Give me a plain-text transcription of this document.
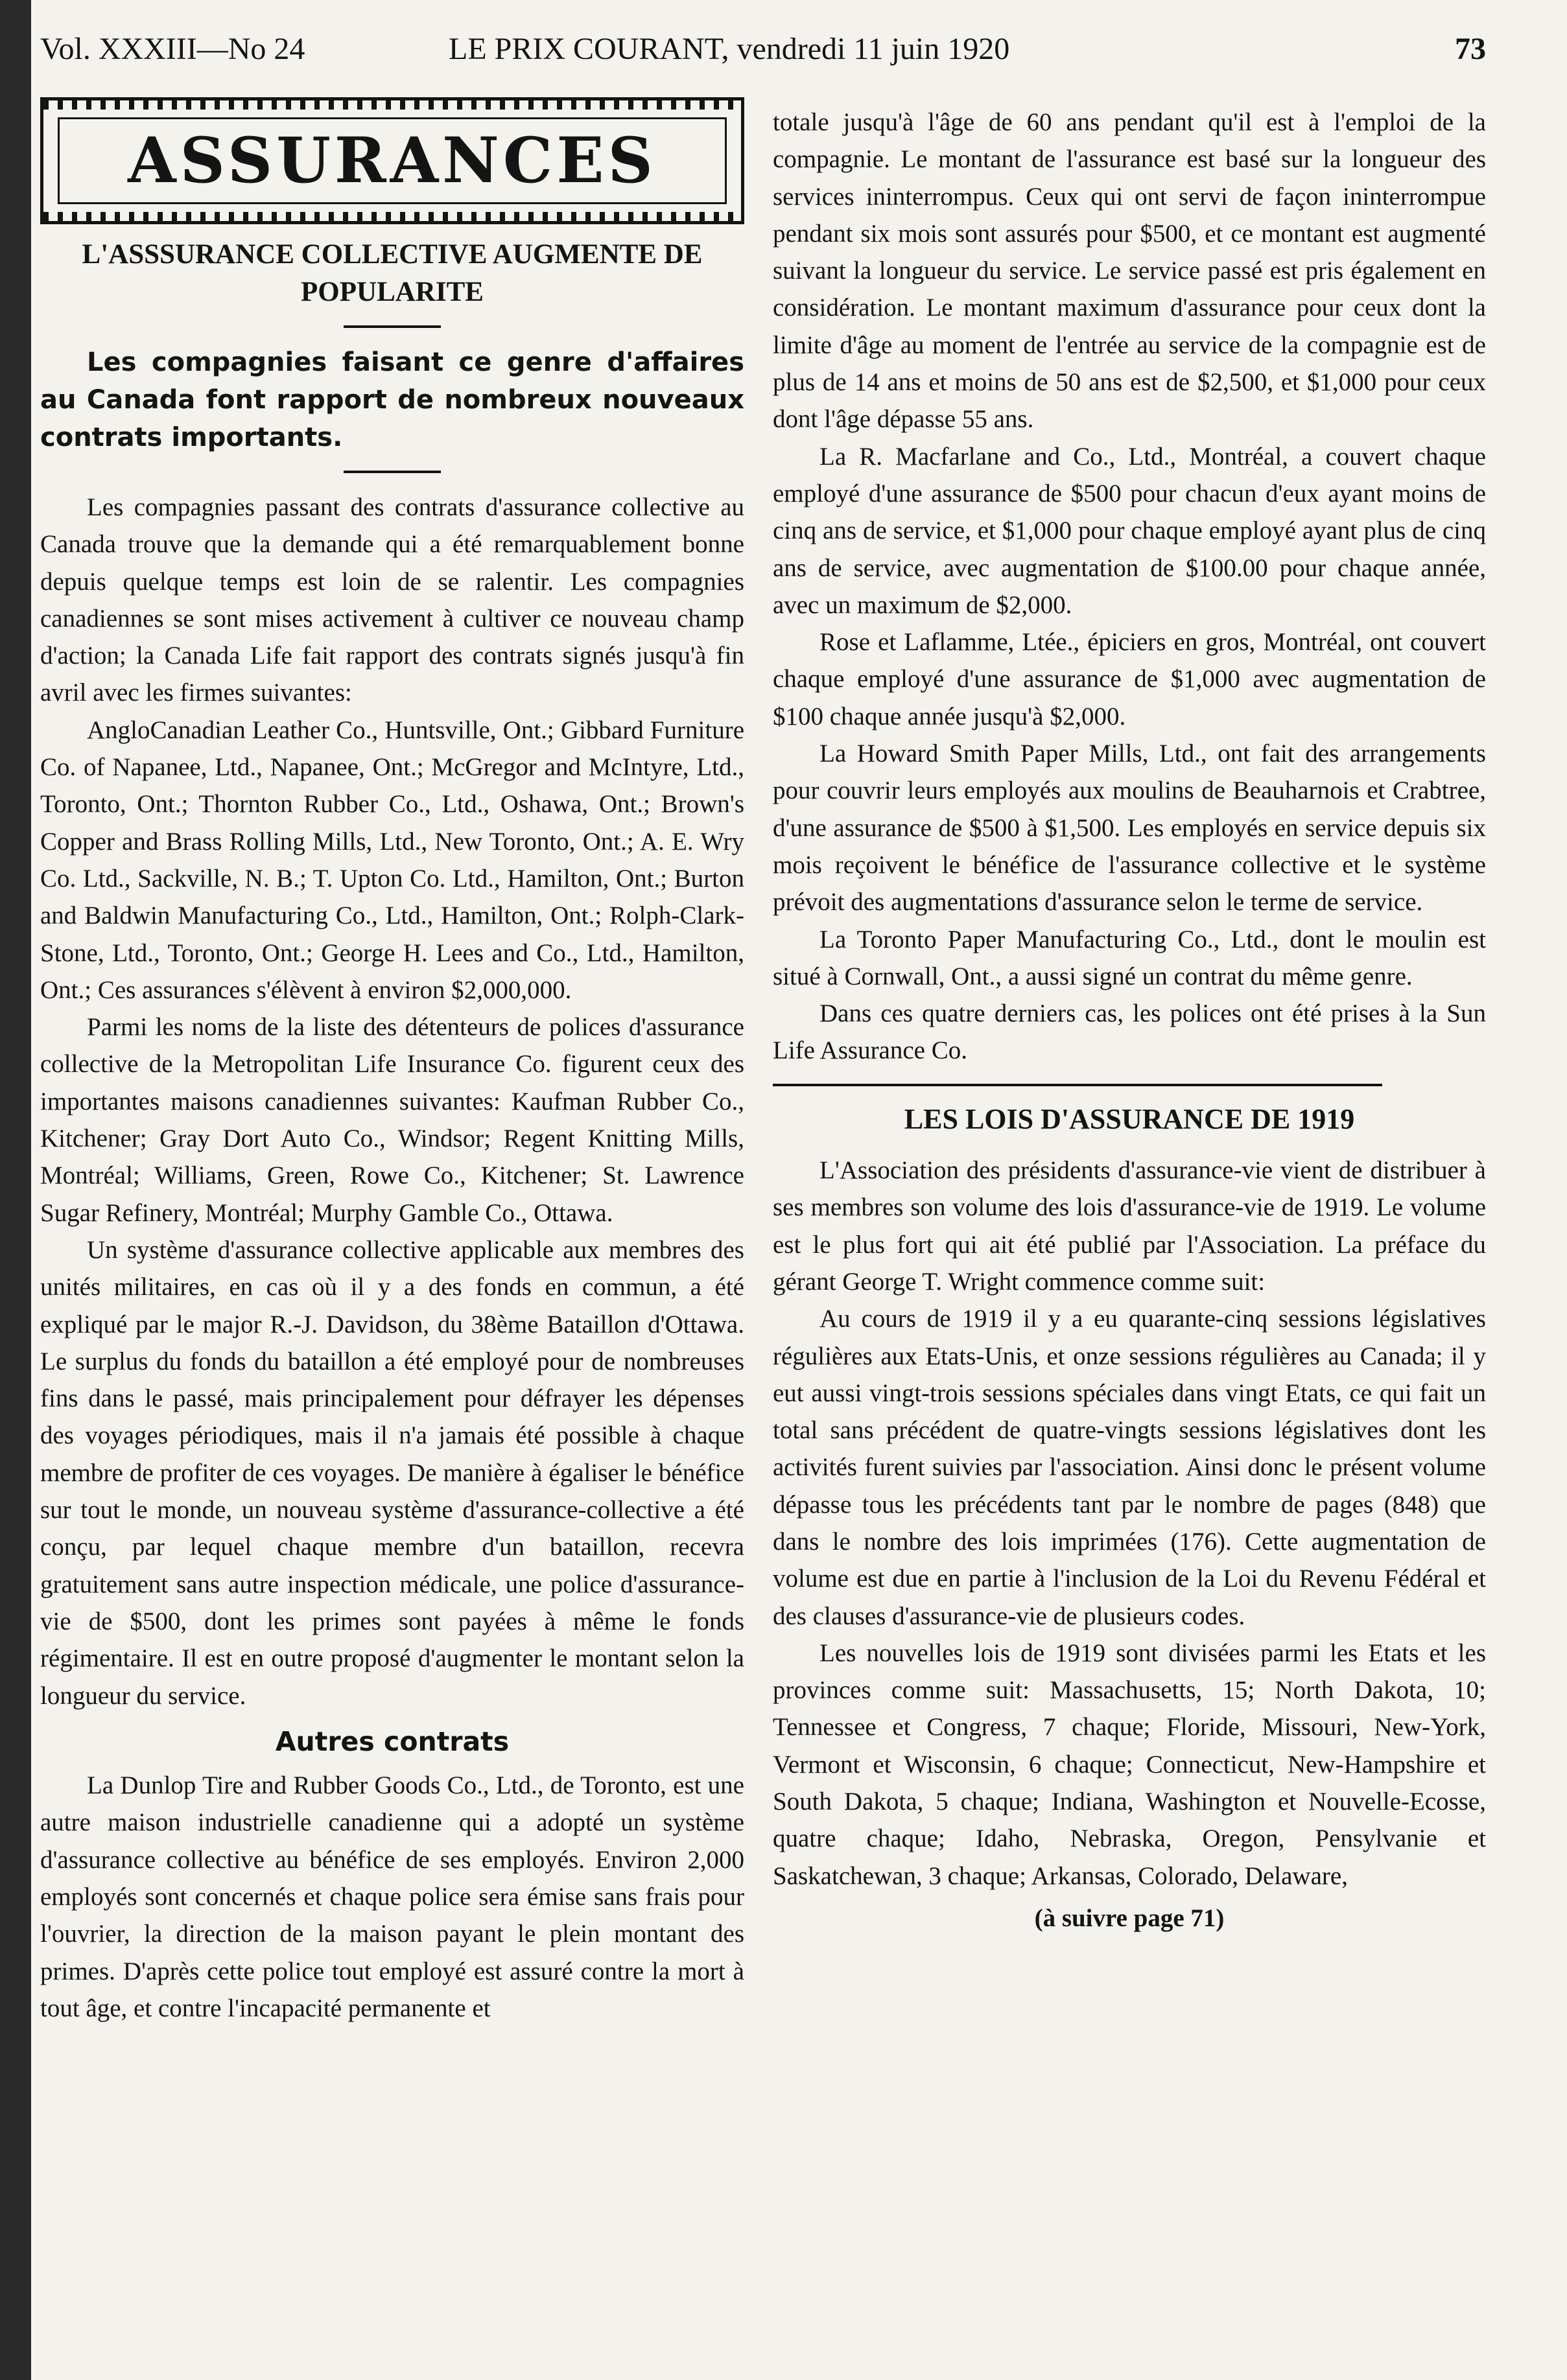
Vol. XXXIII—No 24	LE PRIX COURANT, vendredi 11 juin 1920	73
ASSURANCES
L'ASSSURANCE COLLECTIVE AUGMENTE DE POPULARITE

Les compagnies faisant ce genre d'affaires au Canada font rapport de nombreux nouveaux contrats importants.

Les compagnies passant des contrats d'assurance collective au Canada trouve que la demande qui a été remarquablement bonne depuis quelque temps est loin de se ralentir. Les compagnies canadiennes se sont mises activement à cultiver ce nouveau champ d'action; la Canada Life fait rapport des contrats signés jusqu'à fin avril avec les firmes suivantes:

AngloCanadian Leather Co., Huntsville, Ont.; Gibbard Furniture Co. of Napanee, Ltd., Napanee, Ont.; McGregor and McIntyre, Ltd., Toronto, Ont.; Thornton Rubber Co., Ltd., Oshawa, Ont.; Brown's Copper and Brass Rolling Mills, Ltd., New Toronto, Ont.; A. E. Wry Co. Ltd., Sackville, N. B.; T. Upton Co. Ltd., Hamilton, Ont.; Burton and Baldwin Manufacturing Co., Ltd., Hamilton, Ont.; Rolph-Clark-Stone, Ltd., Toronto, Ont.; George H. Lees and Co., Ltd., Hamilton, Ont.; Ces assurances s'élèvent à environ $2,000,000.

Parmi les noms de la liste des détenteurs de polices d'assurance collective de la Metropolitan Life Insurance Co. figurent ceux des importantes maisons canadiennes suivantes: Kaufman Rubber Co., Kitchener; Gray Dort Auto Co., Windsor; Regent Knitting Mills, Montréal; Williams, Green, Rowe Co., Kitchener; St. Lawrence Sugar Refinery, Montréal; Murphy Gamble Co., Ottawa.

Un système d'assurance collective applicable aux membres des unités militaires, en cas où il y a des fonds en commun, a été expliqué par le major R.-J. Davidson, du 38ème Bataillon d'Ottawa. Le surplus du fonds du bataillon a été employé pour de nombreuses fins dans le passé, mais principalement pour défrayer les dépenses des voyages périodiques, mais il n'a jamais été possible à chaque membre de profiter de ces voyages. De manière à égaliser le bénéfice sur tout le monde, un nouveau système d'assurance-collective a été conçu, par lequel chaque membre d'un bataillon, recevra gratuitement sans autre inspection médicale, une police d'assurance-vie de $500, dont les primes sont payées à même le fonds régimentaire. Il est en outre proposé d'augmenter le montant selon la longueur du service.

Autres contrats

La Dunlop Tire and Rubber Goods Co., Ltd., de Toronto, est une autre maison industrielle canadienne qui a adopté un système d'assurance collective au bénéfice de ses employés. Environ 2,000 employés sont concernés et chaque police sera émise sans frais pour l'ouvrier, la direction de la maison payant le plein montant des primes. D'après cette police tout employé est assuré contre la mort à tout âge, et contre l'incapacité permanente et

totale jusqu'à l'âge de 60 ans pendant qu'il est à l'emploi de la compagnie. Le montant de l'assurance est basé sur la longueur des services ininterrompus. Ceux qui ont servi de façon ininterrompue pendant six mois sont assurés pour $500, et ce montant est augmenté suivant la longueur du service. Le service passé est pris également en considération. Le montant maximum d'assurance pour ceux dont la limite d'âge au moment de l'entrée au service de la compagnie est de plus de 14 ans et moins de 50 ans est de $2,500, et $1,000 pour ceux dont l'âge dépasse 55 ans.

La R. Macfarlane and Co., Ltd., Montréal, a couvert chaque employé d'une assurance de $500 pour chacun d'eux ayant moins de cinq ans de service, et $1,000 pour chaque employé ayant plus de cinq ans de service, avec augmentation de $100.00 pour chaque année, avec un maximum de $2,000.

Rose et Laflamme, Ltée., épiciers en gros, Montréal, ont couvert chaque employé d'une assurance de $1,000 avec augmentation de $100 chaque année jusqu'à $2,000.

La Howard Smith Paper Mills, Ltd., ont fait des arrangements pour couvrir leurs employés aux moulins de Beauharnois et Crabtree, d'une assurance de $500 à $1,500. Les employés en service depuis six mois reçoivent le bénéfice de l'assurance collective et le système prévoit des augmentations d'assurance selon le terme de service.

La Toronto Paper Manufacturing Co., Ltd., dont le moulin est situé à Cornwall, Ont., a aussi signé un contrat du même genre.

Dans ces quatre derniers cas, les polices ont été prises à la Sun Life Assurance Co.

LES LOIS D'ASSURANCE DE 1919

L'Association des présidents d'assurance-vie vient de distribuer à ses membres son volume des lois d'assurance-vie de 1919. Le volume est le plus fort qui ait été publié par l'Association. La préface du gérant George T. Wright commence comme suit:

Au cours de 1919 il y a eu quarante-cinq sessions législatives régulières aux Etats-Unis, et onze sessions régulières au Canada; il y eut aussi vingt-trois sessions spéciales dans vingt Etats, ce qui fait un total sans précédent de quatre-vingts sessions législatives dont les activités furent suivies par l'association. Ainsi donc le présent volume dépasse tous les précédents tant par le nombre de pages (848) que dans le nombre des lois imprimées (176). Cette augmentation de volume est due en partie à l'inclusion de la Loi du Revenu Fédéral et des clauses d'assurance-vie de plusieurs codes.

Les nouvelles lois de 1919 sont divisées parmi les Etats et les provinces comme suit: Massachusetts, 15; North Dakota, 10; Tennessee et Congress, 7 chaque; Floride, Missouri, New-York, Vermont et Wisconsin, 6 chaque; Connecticut, New-Hampshire et South Dakota, 5 chaque; Indiana, Washington et Nouvelle-Ecosse, quatre chaque; Idaho, Nebraska, Oregon, Pensylvanie et Saskatchewan, 3 chaque; Arkansas, Colorado, Delaware,

(à suivre page 71)
